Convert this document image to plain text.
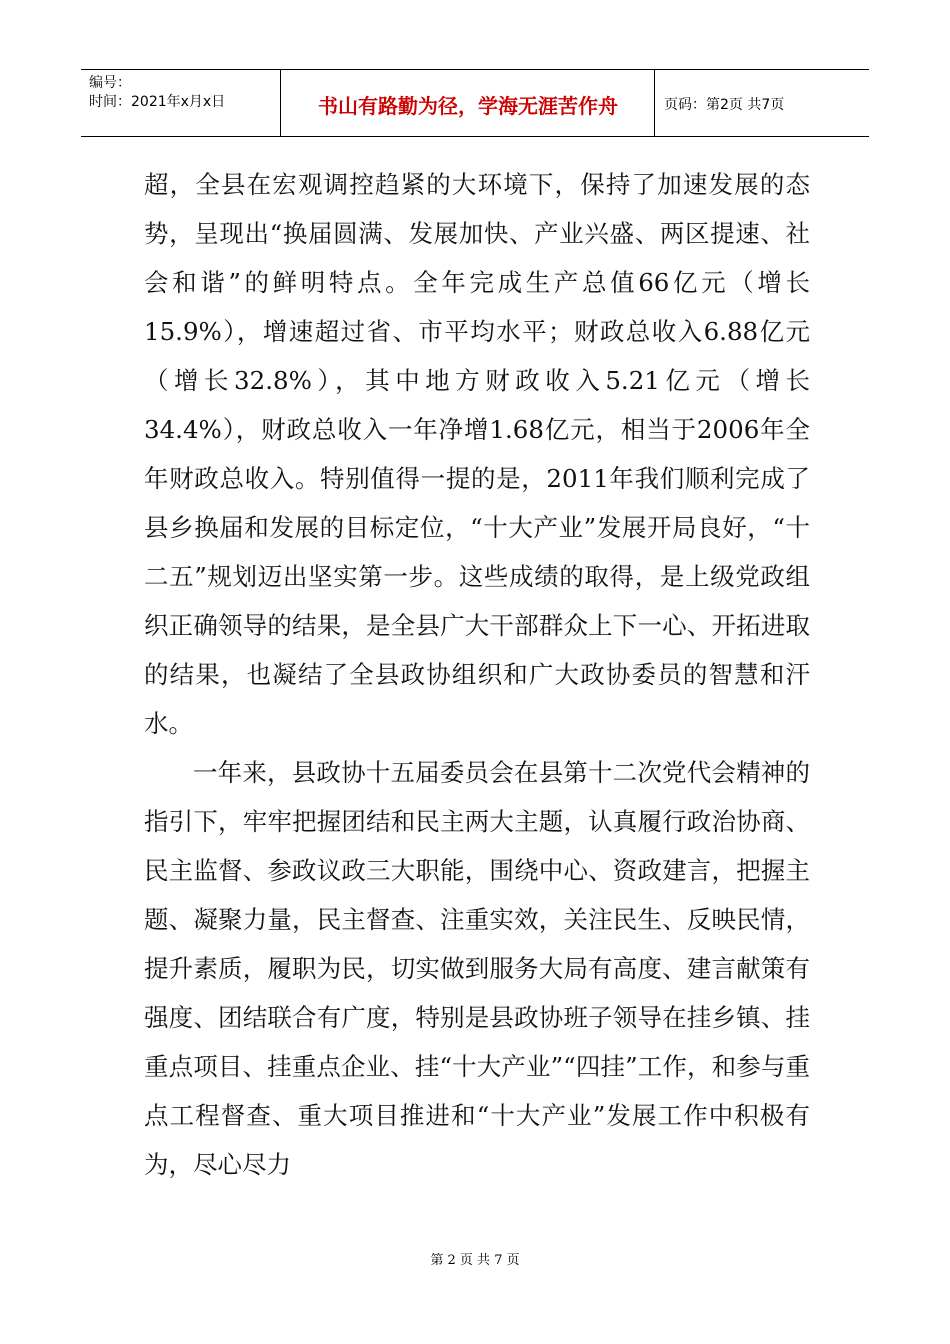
编号：
时间：2021年x月x日	书山有路勤为径，学海无涯苦作舟	页码：第2页 共7页

超，全县在宏观调控趋紧的大环境下，保持了加速发展的态势，呈现出“换届圆满、发展加快、产业兴盛、两区提速、社会和谐”的鲜明特点。全年完成生产总值66亿元（增长15.9%），增速超过省、市平均水平；财政总收入6.88亿元（增长32.8%），其中地方财政收入5.21亿元（增长34.4%），财政总收入一年净增1.68亿元，相当于2006年全年财政总收入。特别值得一提的是，2011年我们顺利完成了县乡换届和发展的目标定位，“十大产业”发展开局良好，“十二五”规划迈出坚实第一步。这些成绩的取得，是上级党政组织正确领导的结果，是全县广大干部群众上下一心、开拓进取的结果，也凝结了全县政协组织和广大政协委员的智慧和汗水。

一年来，县政协十五届委员会在县第十二次党代会精神的指引下，牢牢把握团结和民主两大主题，认真履行政治协商、民主监督、参政议政三大职能，围绕中心、资政建言，把握主题、凝聚力量，民主督查、注重实效，关注民生、反映民情，提升素质，履职为民，切实做到服务大局有高度、建言献策有强度、团结联合有广度，特别是县政协班子领导在挂乡镇、挂重点项目、挂重点企业、挂“十大产业”“四挂”工作，和参与重点工程督查、重大项目推进和“十大产业”发展工作中积极有为，尽心尽力

第 2 页 共 7 页
